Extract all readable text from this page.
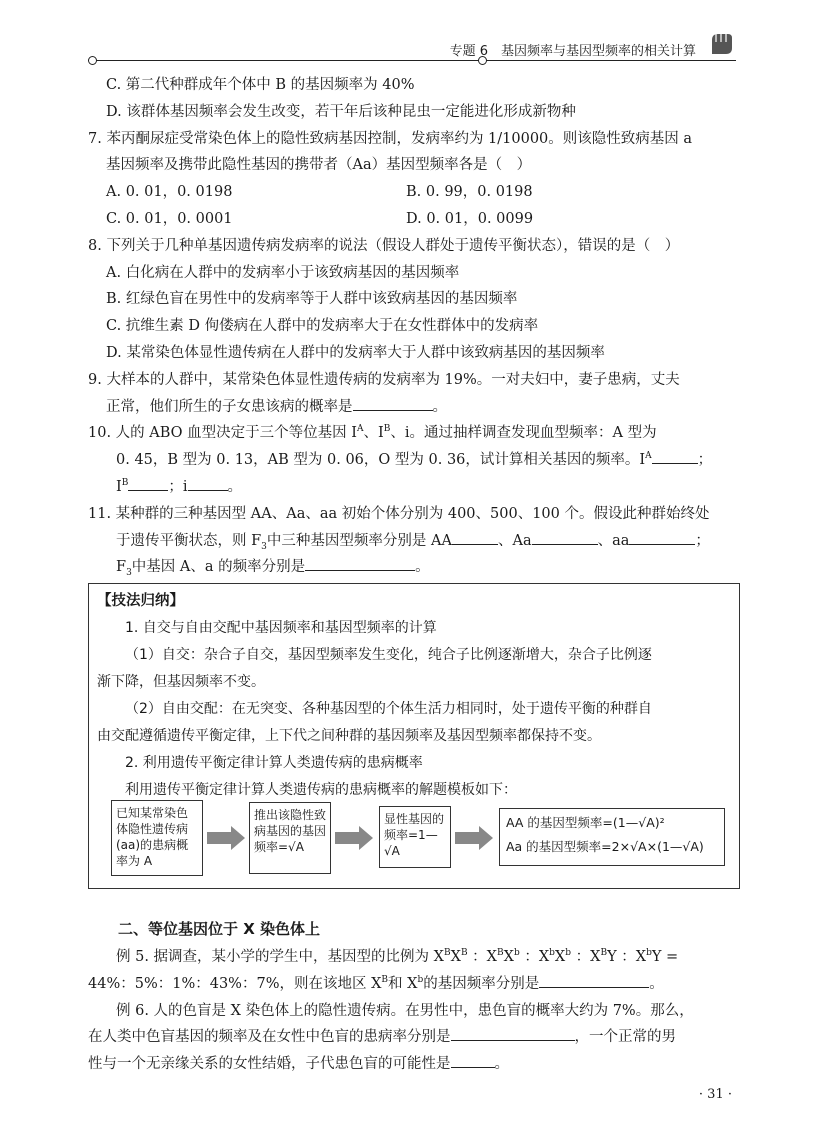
专题 6　基因频率与基因型频率的相关计算
C. 第二代种群成年个体中 B 的基因频率为 40%
D. 该群体基因频率会发生改变，若干年后该种昆虫一定能进化形成新物种
7. 苯丙酮尿症受常染色体上的隐性致病基因控制，发病率约为 1/10000。则该隐性致病基因 a
基因频率及携带此隐性基因的携带者（Aa）基因型频率各是（　）
A. 0. 01，0. 0198	B. 0. 99，0. 0198
C. 0. 01，0. 0001	D. 0. 01，0. 0099
8. 下列关于几种单基因遗传病发病率的说法（假设人群处于遗传平衡状态），错误的是（　）
A. 白化病在人群中的发病率小于该致病基因的基因频率
B. 红绿色盲在男性中的发病率等于人群中该致病基因的基因频率
C. 抗维生素 D 佝偻病在人群中的发病率大于在女性群体中的发病率
D. 某常染色体显性遗传病在人群中的发病率大于人群中该致病基因的基因频率
9. 大样本的人群中，某常染色体显性遗传病的发病率为 19%。一对夫妇中，妻子患病，丈夫
正常，他们所生的子女患该病的概率是	。
10. 人的 ABO 血型决定于三个等位基因 $I^A$、$I^B$、i。通过抽样调查发现血型频率：A 型为
0. 45，B 型为 0. 13，AB 型为 0. 06，O 型为 0. 36，试计算相关基因的频率。$I^A$	；
$I^B$	；i	。
11. 某种群的三种基因型 AA、Aa、aa 初始个体分别为 400、500、100 个。假设此种群始终处
于遗传平衡状态，则 $F_3$中三种基因型频率分别是 AA	、Aa	、aa	；
$F_3$中基因 A、a 的频率分别是	。
【技法归纳】
1. 自交与自由交配中基因频率和基因型频率的计算
（1）自交：杂合子自交，基因型频率发生变化，纯合子比例逐渐增大，杂合子比例逐
渐下降，但基因频率不变。
（2）自由交配：在无突变、各种基因型的个体生活力相同时，处于遗传平衡的种群自
由交配遵循遗传平衡定律，上下代之间种群的基因频率及基因型频率都保持不变。
2. 利用遗传平衡定律计算人类遗传病的患病概率
利用遗传平衡定律计算人类遗传病的患病概率的解题模板如下：
已知某常染色体隐性遗传病(aa)的患病概率为 A
推出该隐性致病基因的基因频率=√A
显性基因的频率=1—√A
AA 的基因型频率=(1—√A)²
Aa 的基因型频率=2×√A×(1—√A)
二、等位基因位于 X 染色体上
例 5. 据调查，某小学的学生中，基因型的比例为 $X^BX^B$ ：$X^BX^b$ ：$X^bX^b$ ：$X^BY$ ：$X^bY$ =
44%：5%：1%：43%：7%，则在该地区 $X^B$和 $X^b$的基因频率分别是	。
例 6. 人的色盲是 X 染色体上的隐性遗传病。在男性中，患色盲的概率大约为 7%。那么，
在人类中色盲基因的频率及在女性中色盲的患病率分别是	，一个正常的男
性与一个无亲缘关系的女性结婚，子代患色盲的可能性是	。
· 31 ·
